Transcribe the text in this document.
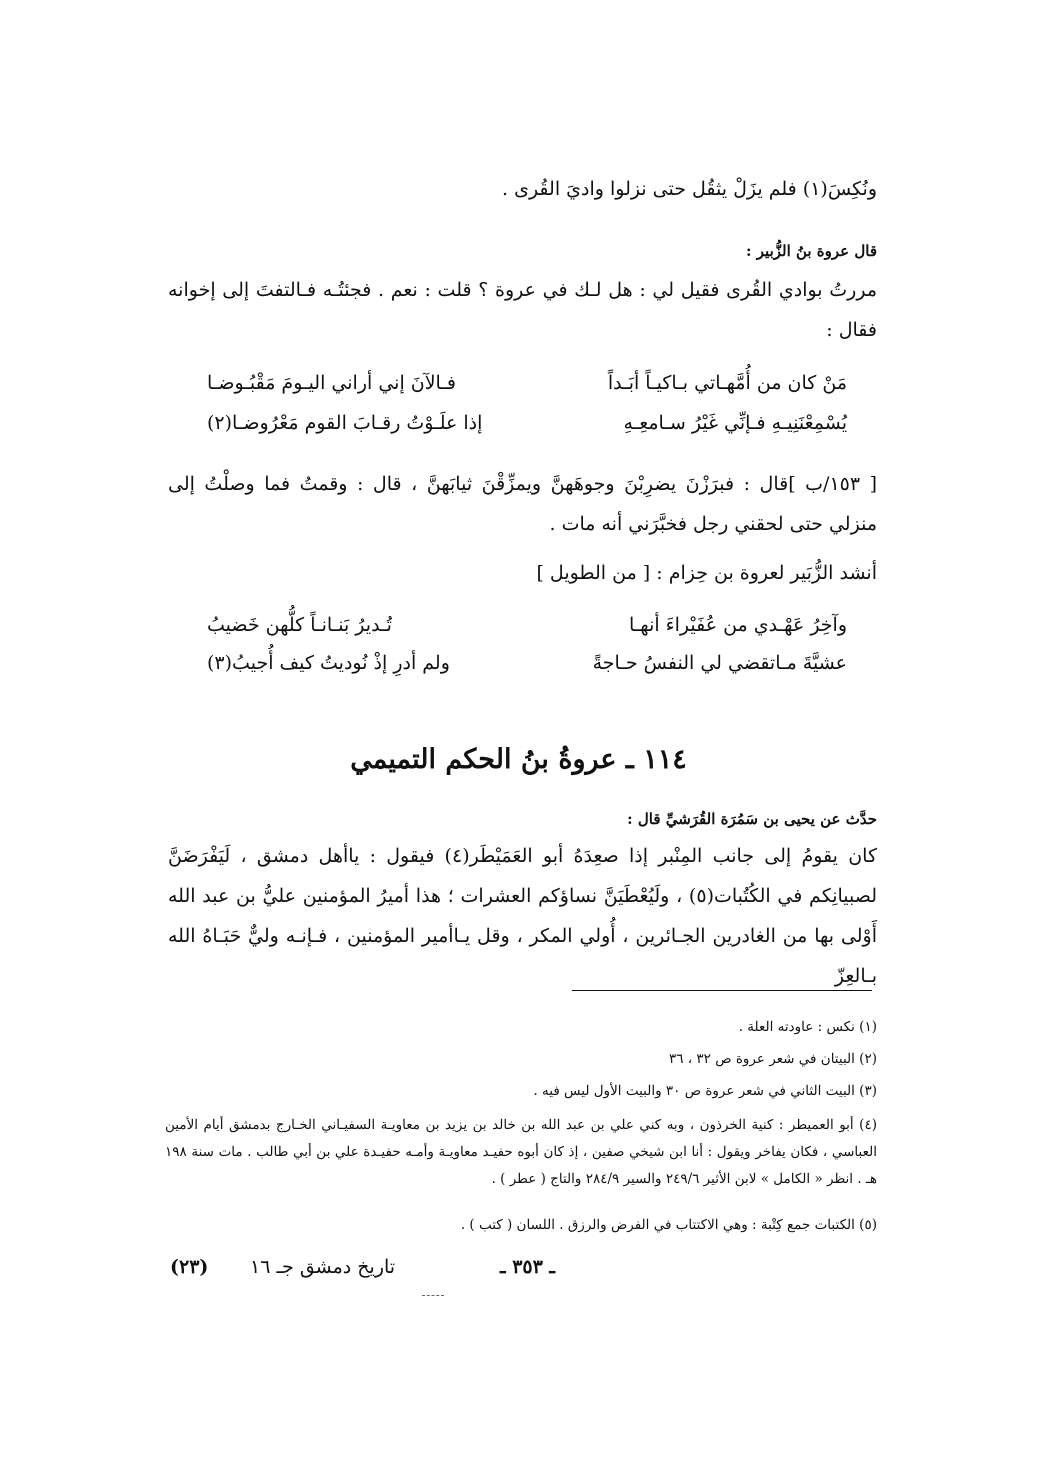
ونُكِسَ(١) فلم يزَلْ يثقُل حتى نزلوا واديَ القُرى .
قال عروة بنُ الزُّبير :
مررتُ بوادي القُرى فقيل لي : هل لـك في عروة ؟ قلت : نعم . فجئتُـه فـالتفتَ إلى إخوانه فقال :
مَنْ كان من أُمَّهـاتي بـاكيـاً أبَـداً
فـالآنَ إني أراني اليـومَ مَقْبُـوضـا
يُسْمِعْنَنِيـهِ فـإنِّي غَيْرُ سـامعِـهِ
إذا علَـوْتُ رقـابَ القوم مَعْرُوضـا(٢)
[ ١٥٣/ب ]قال : فبرَزْنَ يضرِبْنَ وجوهَهنَّ ويمزِّقْنَ ثيابَهنَّ ، قال : وقمتُ فما وصلْتُ إلى منزلي حتى لحقني رجل فخبَّرَني أنه مات .
أنشد الزُّبَير لعروة بن حِزام : [ من الطويل ]
وآخِرُ عَهْـدي من عُفَيْراءَ أنهـا
تُـديرُ بَنـانـاً كلُّهن خَضيبُ
عشيَّةَ مـاتقضي لي النفسُ حـاجةً
ولم أدرِ إذْ نُوديتُ كيف أُجيبُ(٣)
١١٤ ـ عروةُ بنُ الحكم التميمي
حدَّث عن يحيى بن سَمُرَة القُرَشيِّ قال :
كان يقومُ إلى جانب المِنْبر إذا صعِدَهُ أبو العَمَيْطَر(٤) فيقول : ياأهل دمشق ، لَيَفْرَضَنَّ لصبيانِكم في الكُتُبات(٥) ، ولَيُعْطَيَنَّ نساؤكم العشرات ؛ هذا أميرُ المؤمنين عليُّ بن عبد الله أَوْلى بها من الغادرين الجـائرين ، أُولي المكر ، وقل يـاأمير المؤمنين ، فـإنـه وليٌّ حَبَـاهُ الله بـالعِزّ
(١) نكس : عاودته العلة .
(٢) البيتان في شعر عروة ص ٣٢ ، ٣٦
(٣) البيت الثاني في شعر عروة ص ٣٠ والبيت الأول ليس فيه .
(٤) أبو العميطر : كنية الخرذون ، وبه كني علي بن عبد الله بن خالد بن يزيد بن معاويـة السفيـاني الخـارج بدمشق أيام الأمين العباسي ، فكان يفاخر ويقول : أنا ابن شيخي صفين ، إذ كان أبوه حفيـد معاويـة وأمـه حفيـدة علي بن أبي طالب . مات سنة ١٩٨ هـ . انظر « الكامل » لابن الأثير ٢٤٩/٦ والسير ٢٨٤/٩ والتاج ( عطر ) .
(٥) الكتبات جمع كِتْبة : وهي الاكتتاب في الفرض والرزق . اللسان ( كتب ) .
ـ ٣٥٣ ـ
تاريخ دمشق جـ ١٦
(٢٣)
